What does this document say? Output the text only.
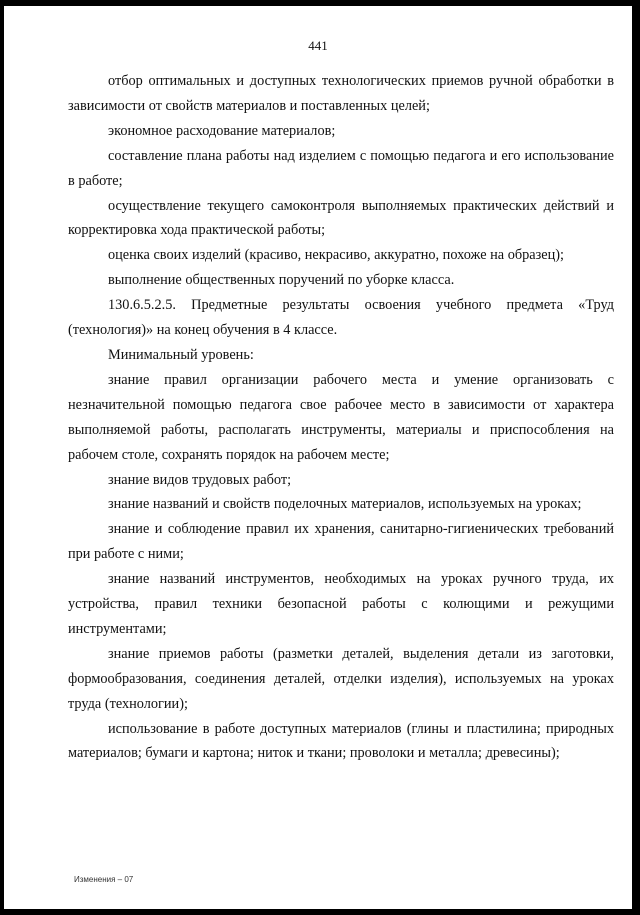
441

отбор оптимальных и доступных технологических приемов ручной обработки в зависимости от свойств материалов и поставленных целей;

экономное расходование материалов;

составление плана работы над изделием с помощью педагога и его использование в работе;

осуществление текущего самоконтроля выполняемых практических действий и корректировка хода практической работы;

оценка своих изделий (красиво, некрасиво, аккуратно, похоже на образец);

выполнение общественных поручений по уборке класса.

130.6.5.2.5. Предметные результаты освоения учебного предмета «Труд (технология)» на конец обучения в 4 классе.

Минимальный уровень:

знание правил организации рабочего места и умение организовать с незначительной помощью педагога свое рабочее место в зависимости от характера выполняемой работы, располагать инструменты, материалы и приспособления на рабочем столе, сохранять порядок на рабочем месте;

знание видов трудовых работ;

знание названий и свойств поделочных материалов, используемых на уроках;

знание и соблюдение правил их хранения, санитарно-гигиенических требований при работе с ними;

знание названий инструментов, необходимых на уроках ручного труда, их устройства, правил техники безопасной работы с колющими и режущими инструментами;

знание приемов работы (разметки деталей, выделения детали из заготовки, формообразования, соединения деталей, отделки изделия), используемых на уроках труда (технологии);

использование в работе доступных материалов (глины и пластилина; природных материалов; бумаги и картона; ниток и ткани; проволоки и металла; древесины);

Изменения – 07
